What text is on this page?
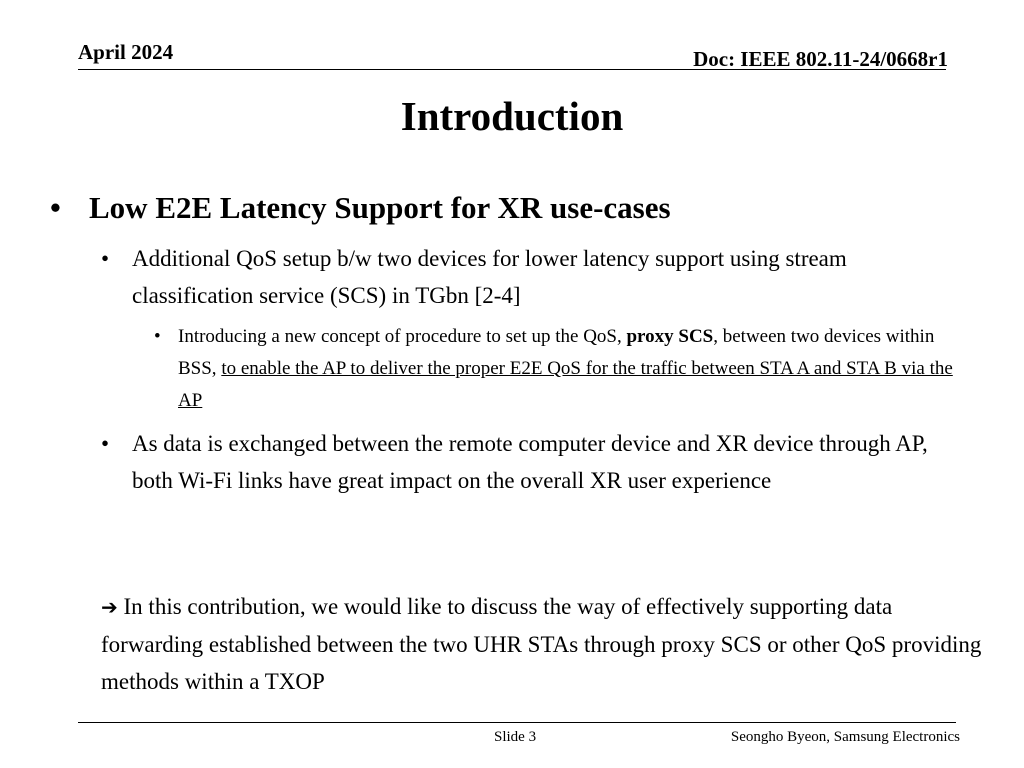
April 2024	Doc: IEEE 802.11-24/0668r1
Introduction
• Low E2E Latency Support for XR use-cases
• Additional QoS setup b/w two devices for lower latency support using stream classification service (SCS) in TGbn [2-4]
• Introducing a new concept of procedure to set up the QoS, proxy SCS, between two devices within BSS, to enable the AP to deliver the proper E2E QoS for the traffic between STA A and STA B via the AP
• As data is exchanged between the remote computer device and XR device through AP, both Wi-Fi links have great impact on the overall XR user experience
➔ In this contribution, we would like to discuss the way of effectively supporting data forwarding established between the two UHR STAs through proxy SCS or other QoS providing methods within a TXOP
Slide 3	Seongho Byeon, Samsung Electronics
